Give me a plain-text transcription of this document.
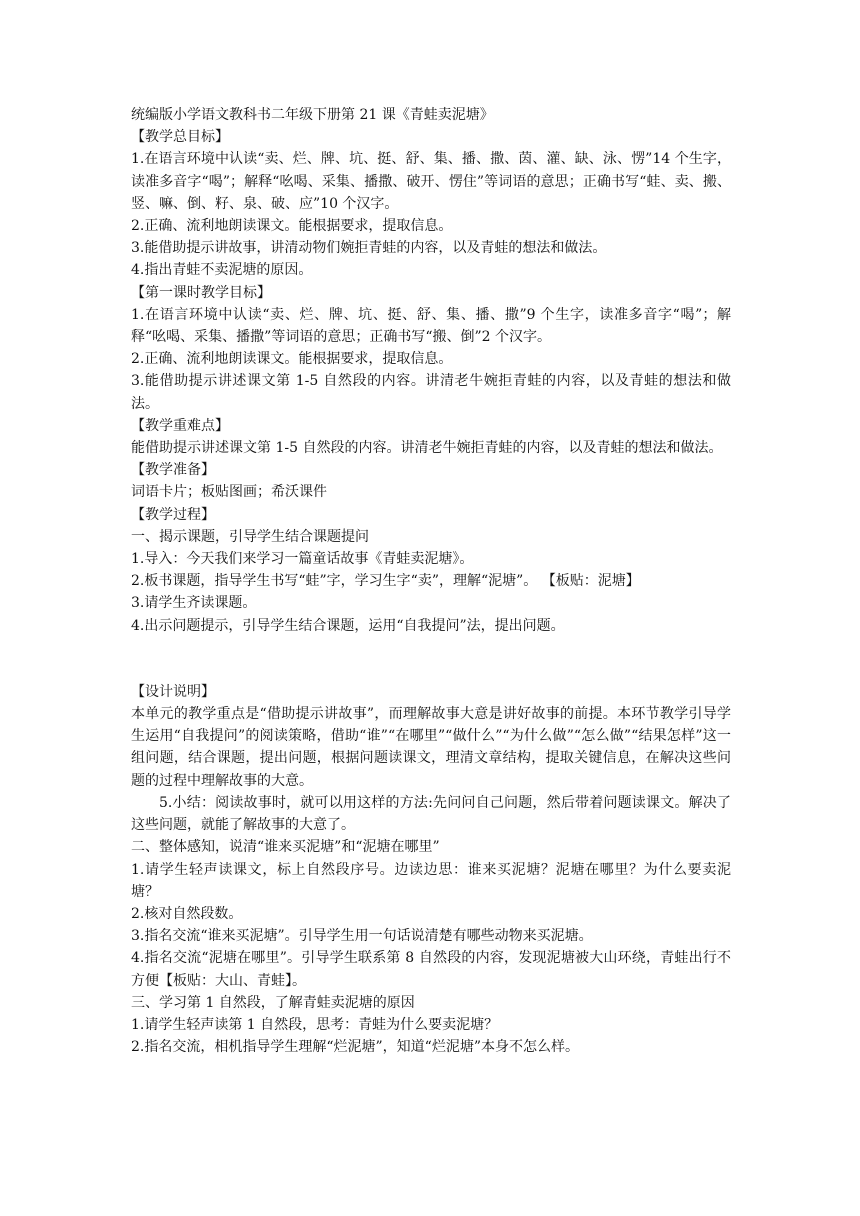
统编版小学语文教科书二年级下册第 21 课《青蛙卖泥塘》

【教学总目标】

1.在语言环境中认读“卖、烂、牌、坑、挺、舒、集、播、撒、茵、灌、缺、泳、愣”14 个生字，读准多音字“喝”；解释“吆喝、采集、播撒、破开、愣住”等词语的意思；正确书写“蛙、卖、搬、竖、嘛、倒、籽、泉、破、应”10 个汉字。

2.正确、流利地朗读课文。能根据要求，提取信息。

3.能借助提示讲故事，讲清动物们婉拒青蛙的内容，以及青蛙的想法和做法。

4.指出青蛙不卖泥塘的原因。

【第一课时教学目标】

1.在语言环境中认读“卖、烂、牌、坑、挺、舒、集、播、撒”9 个生字，读准多音字“喝”；解释“吆喝、采集、播撒”等词语的意思；正确书写“搬、倒”2 个汉字。

2.正确、流利地朗读课文。能根据要求，提取信息。

3.能借助提示讲述课文第 1-5 自然段的内容。讲清老牛婉拒青蛙的内容，以及青蛙的想法和做法。

【教学重难点】

能借助提示讲述课文第 1-5 自然段的内容。讲清老牛婉拒青蛙的内容，以及青蛙的想法和做法。

【教学准备】

词语卡片；板贴图画；希沃课件

【教学过程】

一、揭示课题，引导学生结合课题提问

1.导入：今天我们来学习一篇童话故事《青蛙卖泥塘》。

2.板书课题，指导学生书写“蛙”字，学习生字“卖”，理解“泥塘”。 【板贴：泥塘】

3.请学生齐读课题。

4.出示问题提示，引导学生结合课题，运用“自我提问”法，提出问题。

【设计说明】

本单元的教学重点是“借助提示讲故事”，而理解故事大意是讲好故事的前提。本环节教学引导学生运用“自我提问”的阅读策略，借助“谁”“在哪里”“做什么”“为什么做”“怎么做”“结果怎样”这一组问题，结合课题，提出问题，根据问题读课文，理清文章结构，提取关键信息，在解决这些问题的过程中理解故事的大意。

5.小结：阅读故事时，就可以用这样的方法:先问问自己问题，然后带着问题读课文。解决了这些问题，就能了解故事的大意了。

二、整体感知，说清“谁来买泥塘”和“泥塘在哪里”

1.请学生轻声读课文，标上自然段序号。边读边思：谁来买泥塘？泥塘在哪里？为什么要卖泥塘？

2.核对自然段数。

3.指名交流“谁来买泥塘”。引导学生用一句话说清楚有哪些动物来买泥塘。

4.指名交流“泥塘在哪里”。引导学生联系第 8 自然段的内容，发现泥塘被大山环绕，青蛙出行不方便【板贴：大山、青蛙】。

三、学习第 1 自然段，了解青蛙卖泥塘的原因

1.请学生轻声读第 1 自然段，思考：青蛙为什么要卖泥塘？

2.指名交流，相机指导学生理解“烂泥塘”，知道“烂泥塘”本身不怎么样。
